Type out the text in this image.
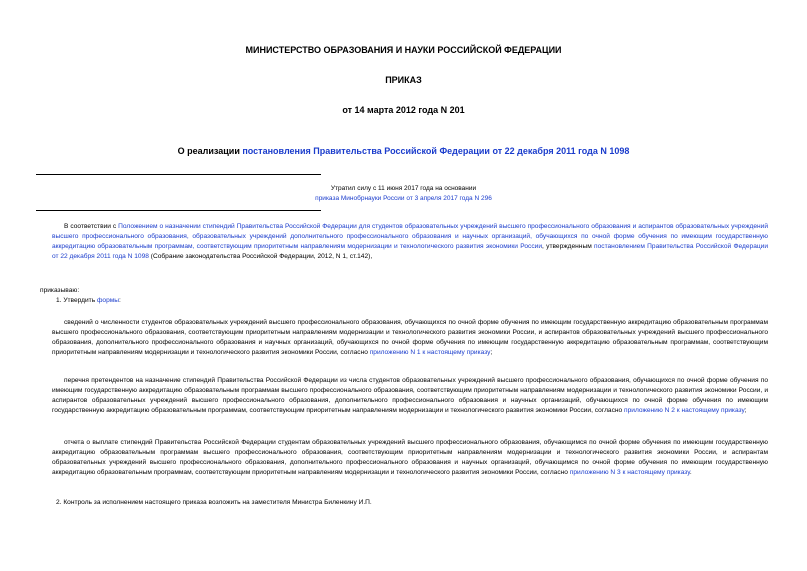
МИНИСТЕРСТВО ОБРАЗОВАНИЯ И НАУКИ РОССИЙСКОЙ ФЕДЕРАЦИИ
ПРИКАЗ
от 14 марта 2012 года N 201
О реализации постановления Правительства Российской Федерации от 22 декабря 2011 года N 1098
Утратил силу с 11 июня 2017 года на основании
приказа Минобрнауки России от 3 апреля 2017 года N 296

В соответствии с Положением о назначении стипендий Правительства Российской Федерации для студентов образовательных учреждений высшего профессионального образования и аспирантов образовательных учреждений высшего профессионального образования, образовательных учреждений дополнительного профессионального образования и научных организаций, обучающихся по очной форме обучения по имеющим государственную аккредитацию образовательным программам, соответствующим приоритетным направлениям модернизации и технологического развития экономики России, утвержденным постановлением Правительства Российской Федерации от 22 декабря 2011 года N 1098 (Собрание законодательства Российской Федерации, 2012, N 1, ст.142),

приказываю:

1. Утвердить формы:

сведений о численности студентов образовательных учреждений высшего профессионального образования, обучающихся по очной форме обучения по имеющим государственную аккредитацию образовательным программам высшего профессионального образования, соответствующим приоритетным направлениям модернизации и технологического развития экономики России, и аспирантов образовательных учреждений высшего профессионального образования, дополнительного профессионального образования и научных организаций, обучающихся по очной форме обучения по имеющим государственную аккредитацию образовательным программам, соответствующим приоритетным направлениям модернизации и технологического развития экономики России, согласно приложению N 1 к настоящему приказу;

перечня претендентов на назначение стипендий Правительства Российской Федерации из числа студентов образовательных учреждений высшего профессионального образования, обучающихся по очной форме обучения по имеющим государственную аккредитацию образовательным программам высшего профессионального образования, соответствующим приоритетным направлениям модернизации и технологического развития экономики России, и аспирантов образовательных учреждений высшего профессионального образования, дополнительного профессионального образования и научных организаций, обучающихся по очной форме обучения по имеющим государственную аккредитацию образовательным программам, соответствующим приоритетным направлениям модернизации и технологического развития экономики России, согласно приложению N 2 к настоящему приказу;

отчета о выплате стипендий Правительства Российской Федерации студентам образовательных учреждений высшего профессионального образования, обучающимся по очной форме обучения по имеющим государственную аккредитацию образовательным программам высшего профессионального образования, соответствующим приоритетным направлениям модернизации и технологического развития экономики России, и аспирантам образовательных учреждений высшего профессионального образования, дополнительного профессионального образования и научных организаций, обучающимся по очной форме обучения по имеющим государственную аккредитацию образовательным программам, соответствующим приоритетным направлениям модернизации и технологического развития экономики России, согласно приложению N 3 к настоящему приказу.

2. Контроль за исполнением настоящего приказа возложить на заместителя Министра Биленкину И.П.
